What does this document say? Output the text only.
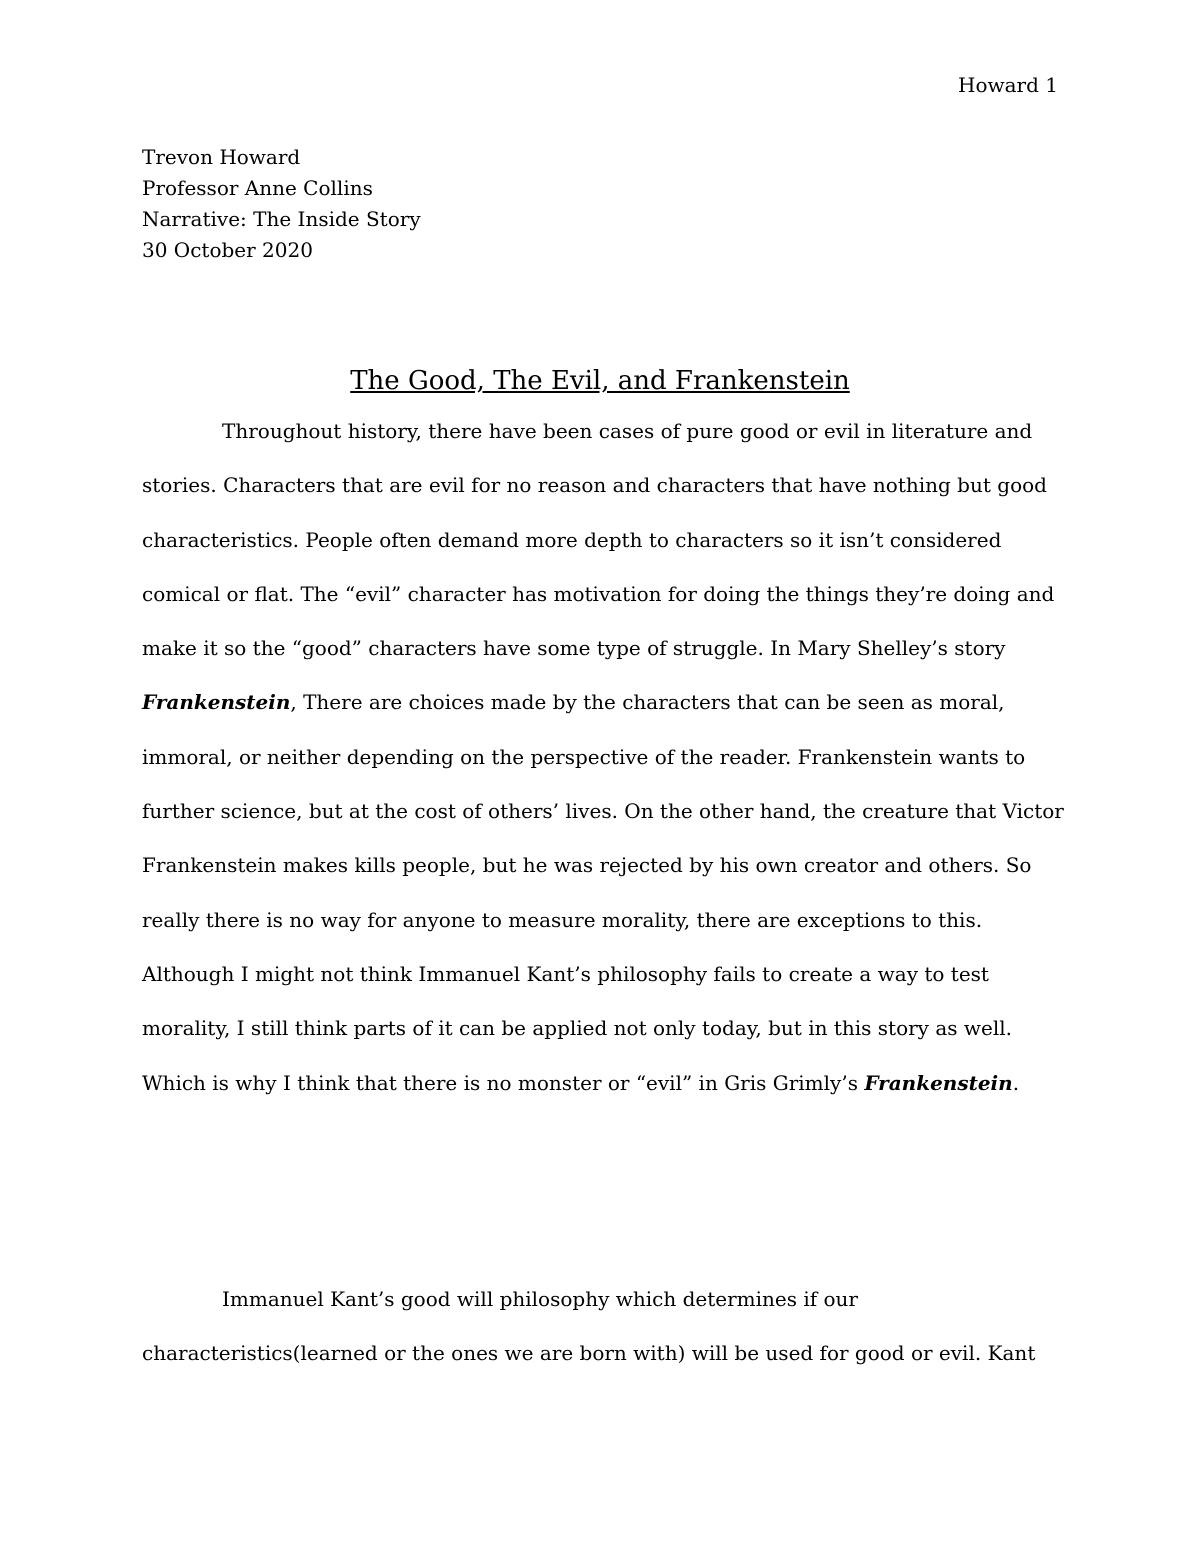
Howard 1
Trevon Howard
Professor Anne Collins
Narrative: The Inside Story
30 October 2020
The Good, The Evil, and Frankenstein
Throughout history, there have been cases of pure good or evil in literature and
stories. Characters that are evil for no reason and characters that have nothing but good
characteristics. People often demand more depth to characters so it isn’t considered
comical or flat. The “evil” character has motivation for doing the things they’re doing and
make it so the “good” characters have some type of struggle. In Mary Shelley’s story
Frankenstein, There are choices made by the characters that can be seen as moral,
immoral, or neither depending on the perspective of the reader. Frankenstein wants to
further science, but at the cost of others’ lives. On the other hand, the creature that Victor
Frankenstein makes kills people, but he was rejected by his own creator and others. So
really there is no way for anyone to measure morality, there are exceptions to this.
Although I might not think Immanuel Kant’s philosophy fails to create a way to test
morality, I still think parts of it can be applied not only today, but in this story as well.
Which is why I think that there is no monster or “evil” in Gris Grimly’s Frankenstein.
Immanuel Kant’s good will philosophy which determines if our
characteristics(learned or the ones we are born with) will be used for good or evil. Kant
